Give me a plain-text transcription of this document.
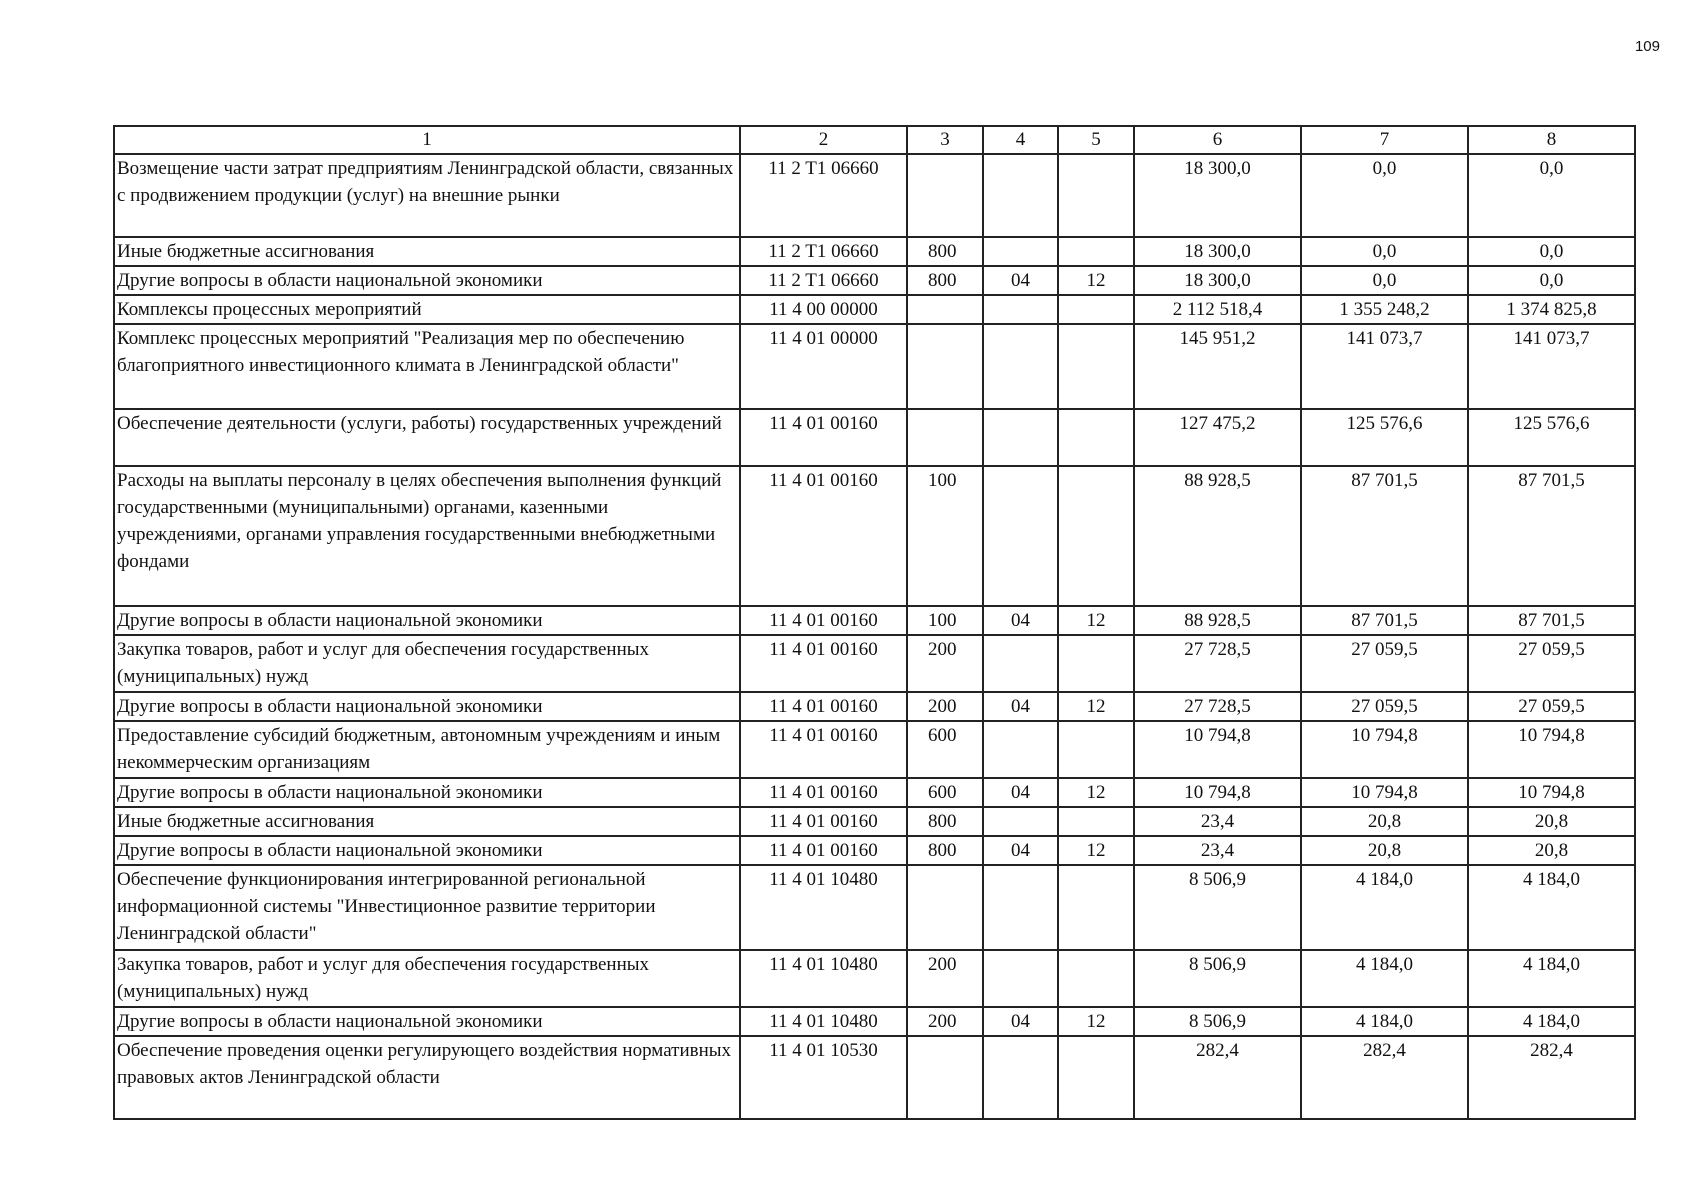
109
1	2	3	4	5	6	7	8
Возмещение части затрат предприятиям Ленинградской области, связанных с продвижением продукции (услуг) на внешние рынки	11 2 T1 06660				18 300,0	0,0	0,0
Иные бюджетные ассигнования	11 2 T1 06660	800			18 300,0	0,0	0,0
Другие вопросы в области национальной экономики	11 2 T1 06660	800	04	12	18 300,0	0,0	0,0
Комплексы процессных мероприятий	11 4 00 00000				2 112 518,4	1 355 248,2	1 374 825,8
Комплекс процессных мероприятий "Реализация мер по обеспечению благоприятного инвестиционного климата в Ленинградской области"	11 4 01 00000				145 951,2	141 073,7	141 073,7
Обеспечение деятельности (услуги, работы) государственных учреждений	11 4 01 00160				127 475,2	125 576,6	125 576,6
Расходы на выплаты персоналу в целях обеспечения выполнения функций государственными (муниципальными) органами, казенными учреждениями, органами управления государственными внебюджетными фондами	11 4 01 00160	100			88 928,5	87 701,5	87 701,5
Другие вопросы в области национальной экономики	11 4 01 00160	100	04	12	88 928,5	87 701,5	87 701,5
Закупка товаров, работ и услуг для обеспечения государственных (муниципальных) нужд	11 4 01 00160	200			27 728,5	27 059,5	27 059,5
Другие вопросы в области национальной экономики	11 4 01 00160	200	04	12	27 728,5	27 059,5	27 059,5
Предоставление субсидий бюджетным, автономным учреждениям и иным некоммерческим организациям	11 4 01 00160	600			10 794,8	10 794,8	10 794,8
Другие вопросы в области национальной экономики	11 4 01 00160	600	04	12	10 794,8	10 794,8	10 794,8
Иные бюджетные ассигнования	11 4 01 00160	800			23,4	20,8	20,8
Другие вопросы в области национальной экономики	11 4 01 00160	800	04	12	23,4	20,8	20,8
Обеспечение функционирования интегрированной региональной информационной системы "Инвестиционное развитие территории Ленинградской области"	11 4 01 10480				8 506,9	4 184,0	4 184,0
Закупка товаров, работ и услуг для обеспечения государственных (муниципальных) нужд	11 4 01 10480	200			8 506,9	4 184,0	4 184,0
Другие вопросы в области национальной экономики	11 4 01 10480	200	04	12	8 506,9	4 184,0	4 184,0
Обеспечение проведения оценки регулирующего воздействия нормативных правовых актов Ленинградской области	11 4 01 10530				282,4	282,4	282,4
